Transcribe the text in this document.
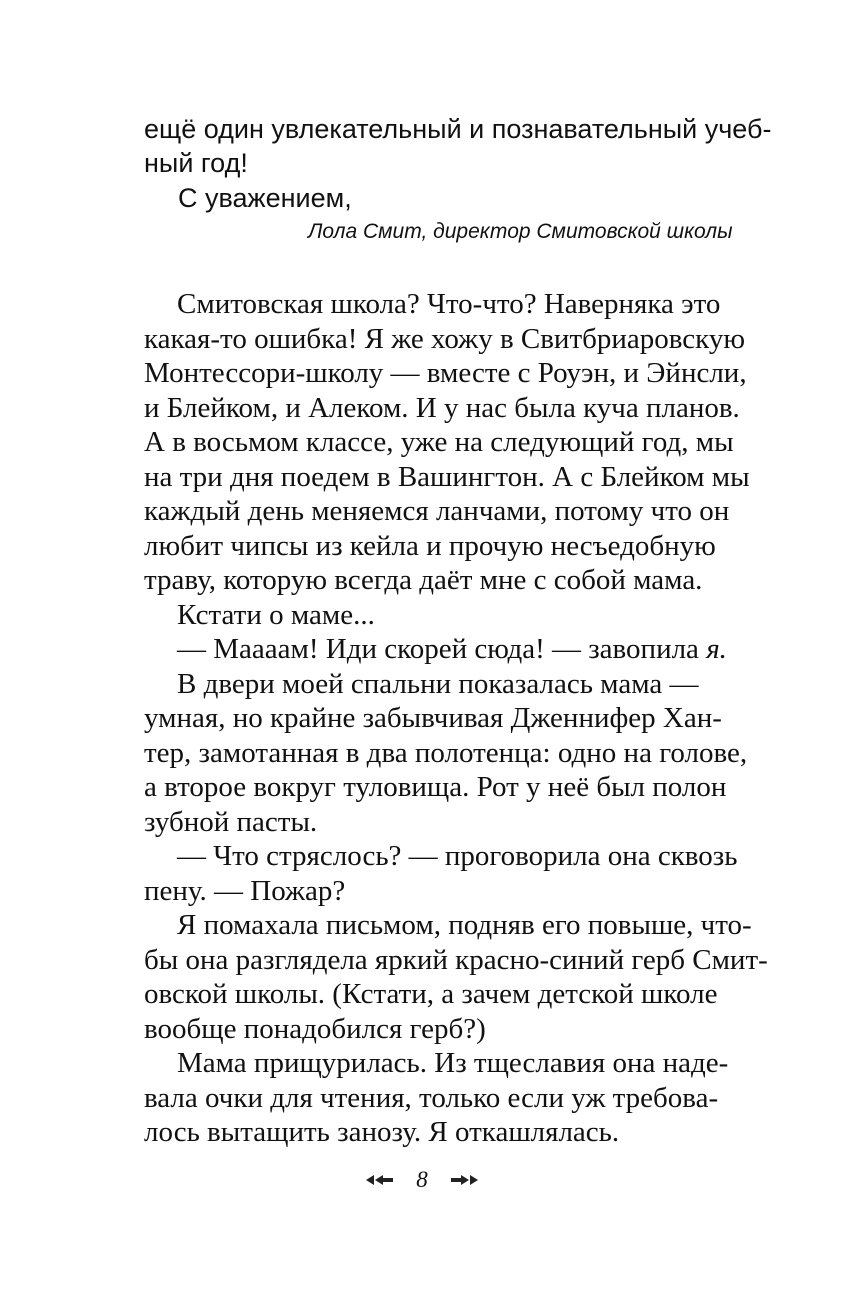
ещё один увлекательный и познавательный учеб-
ный год!
С уважением,
Лола Смит, директор Смитовской школы
Смитовская школа? Что-что? Наверняка это
какая-то ошибка! Я же хожу в Свитбриаровскую
Монтессори-школу — вместе с Роуэн, и Эйнсли,
и Блейком, и Алеком. И у нас была куча планов.
А в восьмом классе, уже на следующий год, мы
на три дня поедем в Вашингтон. А с Блейком мы
каждый день меняемся ланчами, потому что он
любит чипсы из кейла и прочую несъедобную
траву, которую всегда даёт мне с собой мама.
Кстати о маме...
— Маааам! Иди скорей сюда! — завопила я.
В двери моей спальни показалась мама —
умная, но крайне забывчивая Дженнифер Хан-
тер, замотанная в два полотенца: одно на голове,
а второе вокруг туловища. Рот у неё был полон
зубной пасты.
— Что стряслось? — проговорила она сквозь
пену. — Пожар?
Я помахала письмом, подняв его повыше, что-
бы она разглядела яркий красно-синий герб Смит-
овской школы. (Кстати, а зачем детской школе
вообще понадобился герб?)
Мама прищурилась. Из тщеславия она наде-
вала очки для чтения, только если уж требова-
лось вытащить занозу. Я откашлялась.
8
